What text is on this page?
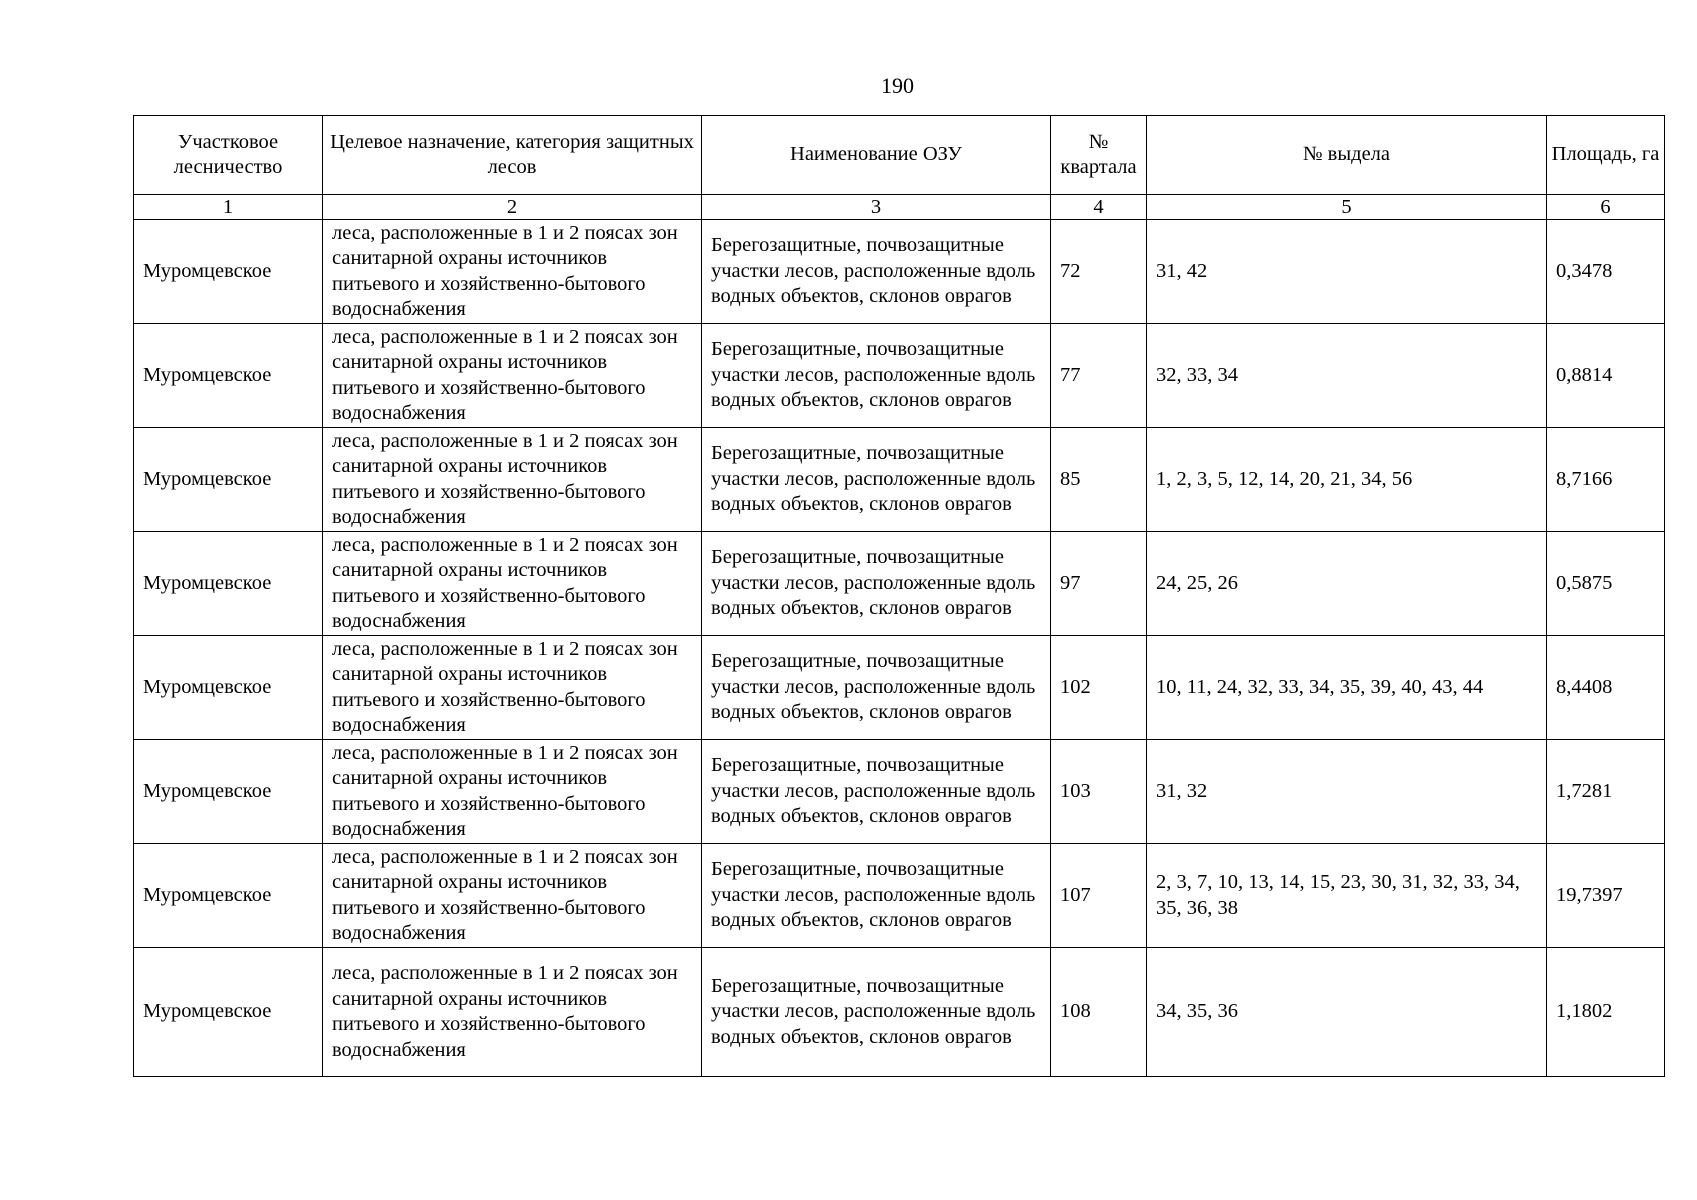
190
Участковое лесничество	Целевое назначение, категория защитных лесов	Наименование ОЗУ	№ квартала	№ выдела	Площадь, га
1	2	3	4	5	6
Муромцевское	леса, расположенные в 1 и 2 поясах зон санитарной охраны источников питьевого и хозяйственно-бытового водоснабжения	Берегозащитные, почвозащитные участки лесов, расположенные вдоль водных объектов, склонов оврагов	72	31, 42	0,3478
Муромцевское	леса, расположенные в 1 и 2 поясах зон санитарной охраны источников питьевого и хозяйственно-бытового водоснабжения	Берегозащитные, почвозащитные участки лесов, расположенные вдоль водных объектов, склонов оврагов	77	32, 33, 34	0,8814
Муромцевское	леса, расположенные в 1 и 2 поясах зон санитарной охраны источников питьевого и хозяйственно-бытового водоснабжения	Берегозащитные, почвозащитные участки лесов, расположенные вдоль водных объектов, склонов оврагов	85	1, 2, 3, 5, 12, 14, 20, 21, 34, 56	8,7166
Муромцевское	леса, расположенные в 1 и 2 поясах зон санитарной охраны источников питьевого и хозяйственно-бытового водоснабжения	Берегозащитные, почвозащитные участки лесов, расположенные вдоль водных объектов, склонов оврагов	97	24, 25, 26	0,5875
Муромцевское	леса, расположенные в 1 и 2 поясах зон санитарной охраны источников питьевого и хозяйственно-бытового водоснабжения	Берегозащитные, почвозащитные участки лесов, расположенные вдоль водных объектов, склонов оврагов	102	10, 11, 24, 32, 33, 34, 35, 39, 40, 43, 44	8,4408
Муромцевское	леса, расположенные в 1 и 2 поясах зон санитарной охраны источников питьевого и хозяйственно-бытового водоснабжения	Берегозащитные, почвозащитные участки лесов, расположенные вдоль водных объектов, склонов оврагов	103	31, 32	1,7281
Муромцевское	леса, расположенные в 1 и 2 поясах зон санитарной охраны источников питьевого и хозяйственно-бытового водоснабжения	Берегозащитные, почвозащитные участки лесов, расположенные вдоль водных объектов, склонов оврагов	107	2, 3, 7, 10, 13, 14, 15, 23, 30, 31, 32, 33, 34, 35, 36, 38	19,7397
Муромцевское	леса, расположенные в 1 и 2 поясах зон санитарной охраны источников питьевого и хозяйственно-бытового водоснабжения	Берегозащитные, почвозащитные участки лесов, расположенные вдоль водных объектов, склонов оврагов	108	34, 35, 36	1,1802
